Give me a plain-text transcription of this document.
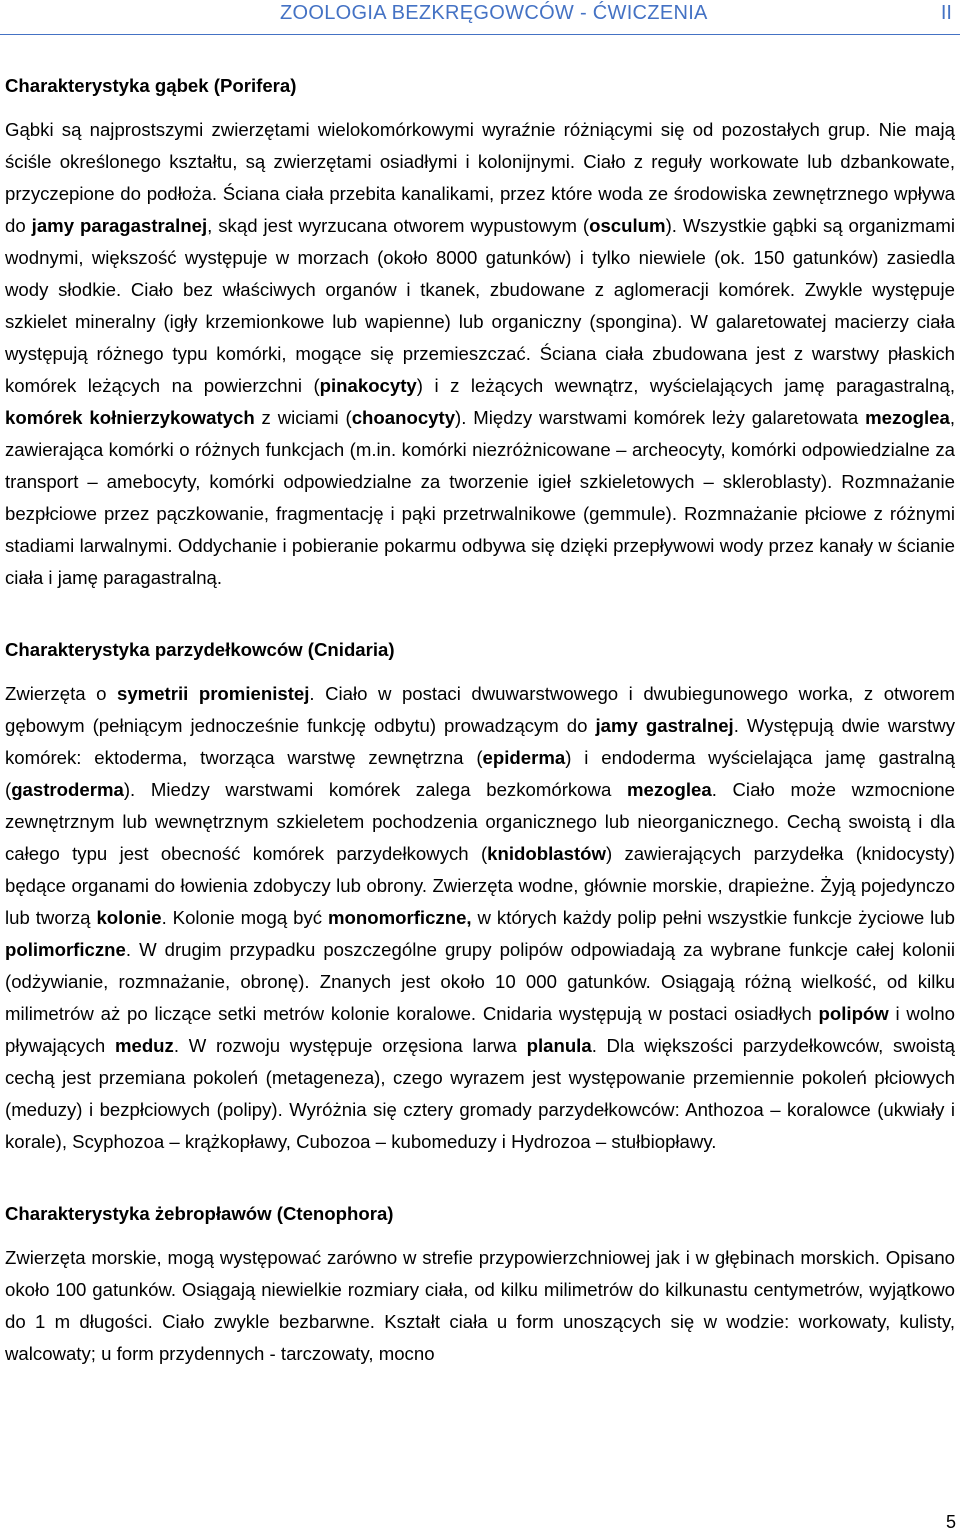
ZOOLOGIA BEZKRĘGOWCÓW - ĆWICZENIA	II
Charakterystyka gąbek (Porifera)

Gąbki są najprostszymi zwierzętami wielokomórkowymi wyraźnie różniącymi się od pozostałych grup. Nie mają ściśle określonego kształtu, są zwierzętami osiadłymi i kolonijnymi. Ciało z reguły workowate lub dzbankowate, przyczepione do podłoża. Ściana ciała przebita kanalikami, przez które woda ze środowiska zewnętrznego wpływa do jamy paragastralnej, skąd jest wyrzucana otworem wypustowym (osculum). Wszystkie gąbki są organizmami wodnymi, większość występuje w morzach (około 8000 gatunków) i tylko niewiele (ok. 150 gatunków) zasiedla wody słodkie. Ciało bez właściwych organów i tkanek, zbudowane z aglomeracji komórek. Zwykle występuje szkielet mineralny (igły krzemionkowe lub wapienne) lub organiczny (spongina). W galaretowatej macierzy ciała występują różnego typu komórki, mogące się przemieszczać. Ściana ciała zbudowana jest z warstwy płaskich komórek leżących na powierzchni (pinakocyty) i z leżących wewnątrz, wyścielających jamę paragastralną, komórek kołnierzykowatych z wiciami (choanocyty). Między warstwami komórek leży galaretowata mezoglea, zawierająca komórki o różnych funkcjach (m.in. komórki niezróżnicowane – archeocyty, komórki odpowiedzialne za transport – amebocyty, komórki odpowiedzialne za tworzenie igieł szkieletowych – skleroblasty). Rozmnażanie bezpłciowe przez pączkowanie, fragmentację i pąki przetrwalnikowe (gemmule). Rozmnażanie płciowe z różnymi stadiami larwalnymi. Oddychanie i pobieranie pokarmu odbywa się dzięki przepływowi wody przez kanały w ścianie ciała i jamę paragastralną.

Charakterystyka parzydełkowców (Cnidaria)

Zwierzęta o symetrii promienistej. Ciało w postaci dwuwarstwowego i dwubiegunowego worka, z otworem gębowym (pełniącym jednocześnie funkcję odbytu) prowadzącym do jamy gastralnej. Występują dwie warstwy komórek: ektoderma, tworząca warstwę zewnętrzna (epiderma) i endoderma wyścielająca jamę gastralną (gastroderma). Miedzy warstwami komórek zalega bezkomórkowa mezoglea. Ciało może wzmocnione zewnętrznym lub wewnętrznym szkieletem pochodzenia organicznego lub nieorganicznego. Cechą swoistą i dla całego typu jest obecność komórek parzydełkowych (knidoblastów) zawierających parzydełka (knidocysty) będące organami do łowienia zdobyczy lub obrony. Zwierzęta wodne, głównie morskie, drapieżne. Żyją pojedynczo lub tworzą kolonie. Kolonie mogą być monomorficzne, w których każdy polip pełni wszystkie funkcje życiowe lub polimorficzne. W drugim przypadku poszczególne grupy polipów odpowiadają za wybrane funkcje całej kolonii (odżywianie, rozmnażanie, obronę). Znanych jest około 10 000 gatunków. Osiągają różną wielkość, od kilku milimetrów aż po liczące setki metrów kolonie koralowe. Cnidaria występują w postaci osiadłych polipów i wolno pływających meduz. W rozwoju występuje orzęsiona larwa planula. Dla większości parzydełkowców, swoistą cechą jest przemiana pokoleń (metageneza), czego wyrazem jest występowanie przemiennie pokoleń płciowych (meduzy) i bezpłciowych (polipy). Wyróżnia się cztery gromady parzydełkowców: Anthozoa – koralowce (ukwiały i korale), Scyphozoa – krążkopławy, Cubozoa – kubomeduzy i Hydrozoa – stułbiopławy.

Charakterystyka żebropławów (Ctenophora)

Zwierzęta morskie, mogą występować zarówno w strefie przypowierzchniowej jak i w głębinach morskich. Opisano około 100 gatunków. Osiągają niewielkie rozmiary ciała, od kilku milimetrów do kilkunastu centymetrów, wyjątkowo do 1 m długości. Ciało zwykle bezbarwne. Kształt ciała u form unoszących się w wodzie: workowaty, kulisty, walcowaty; u form przydennych - tarczowaty, mocno

5
